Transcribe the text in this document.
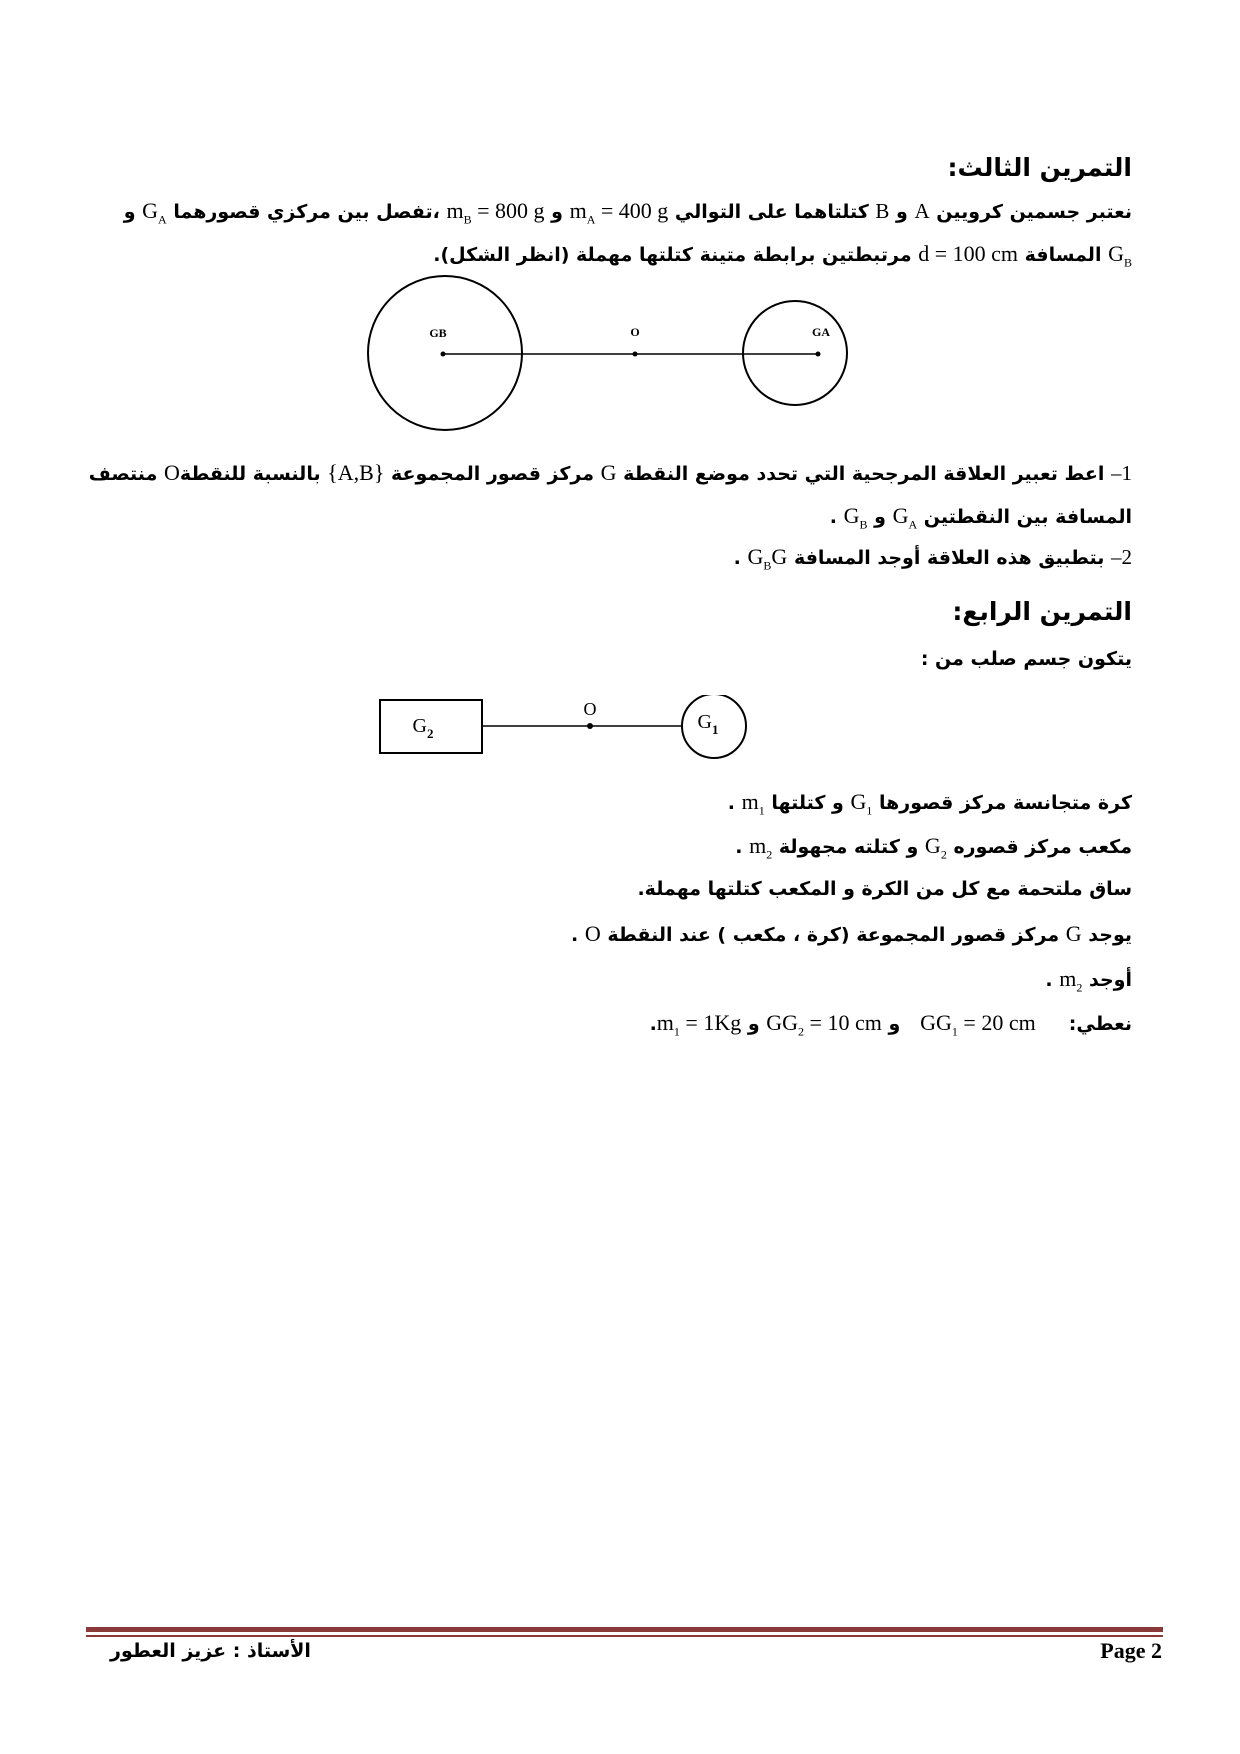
التمرين الثالث:
نعتبر جسمين كرويين A و B كتلتاهما على التوالي $m_A = 400$ g و $m_B = 800$ g ،تفصل بين مركزي قصورهما $G_A$ و
$G_B$ المسافة d = 100 cm مرتبطتين برابطة متينة كتلتها مهملة (انظر الشكل).
GB	O	GA
1– اعط تعبير العلاقة المرجحية التي تحدد موضع النقطة G مركز قصور المجموعة {A,B} بالنسبة للنقطةO منتصف
المسافة بين النقطتين $G_A$ و $G_B$ .
2– بتطبيق هذه العلاقة أوجد المسافة $G_BG$ .
التمرين الرابع:
يتكون جسم صلب من :
O
$G_2$
$G_1$
كرة متجانسة مركز قصورها $G_1$ و كتلتها $m_1$ .
مكعب مركز قصوره $G_2$ و كتلته مجهولة $m_2$ .
ساق ملتحمة مع كل من الكرة و المكعب كتلتها مهملة.
يوجد G مركز قصور المجموعة (كرة ، مكعب ) عند النقطة O .
أوجد $m_2$ .
نعطي:     $GG_1 = 20$ cm   و $GG_2 = 10$ cm و $m_1 = 1Kg$.
الأستاذ : عزيز العطور	Page 2
